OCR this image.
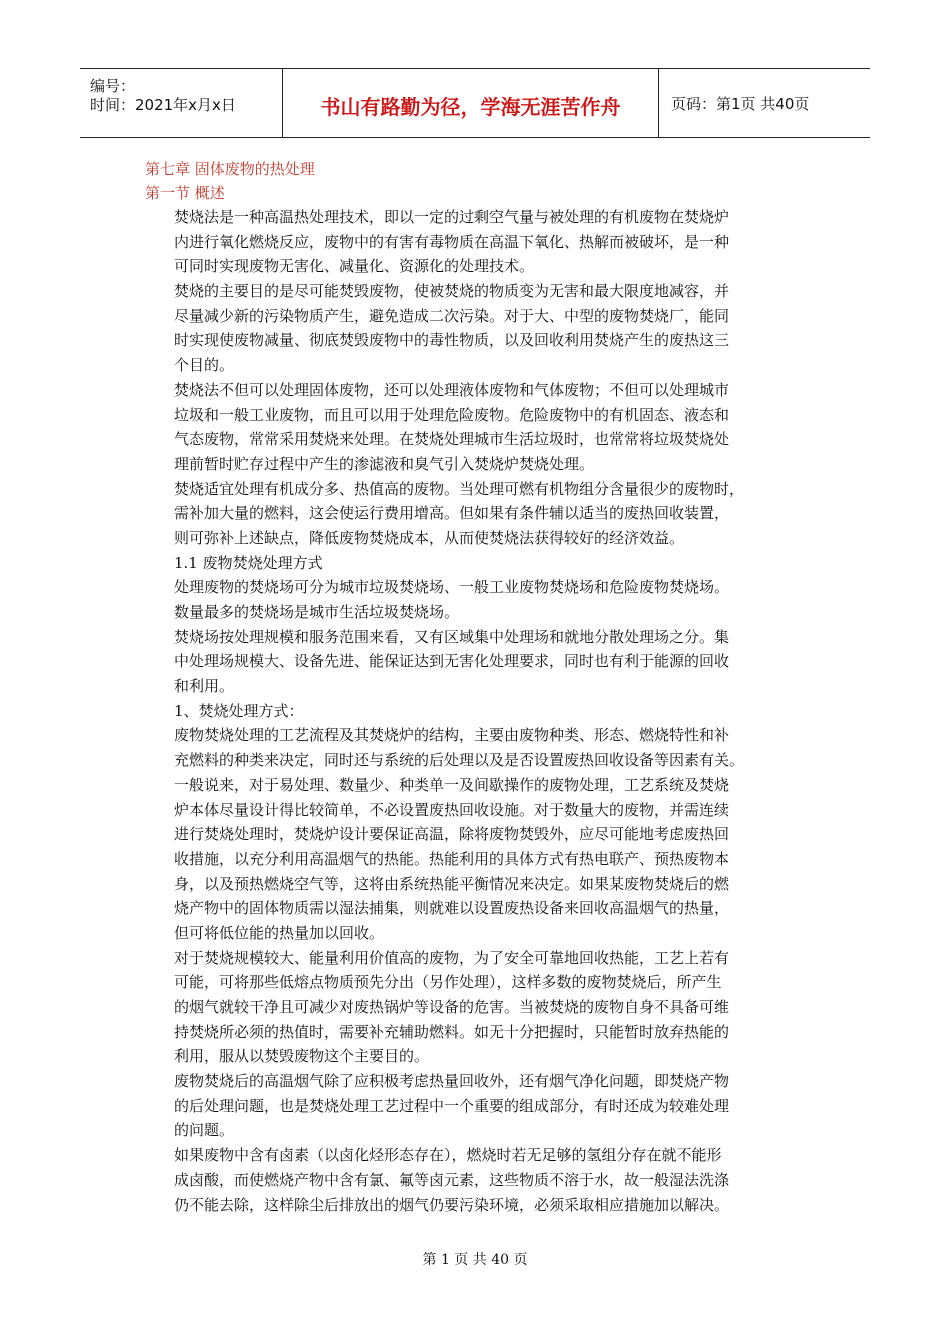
编号：
时间：2021年x月x日	书山有路勤为径，学海无涯苦作舟	页码：第1页 共40页
第七章 固体废物的热处理
第一节 概述
焚烧法是一种高温热处理技术，即以一定的过剩空气量与被处理的有机废物在焚烧炉
内进行氧化燃烧反应，废物中的有害有毒物质在高温下氧化、热解而被破坏，是一种
可同时实现废物无害化、减量化、资源化的处理技术。
焚烧的主要目的是尽可能焚毁废物，使被焚烧的物质变为无害和最大限度地减容，并
尽量减少新的污染物质产生，避免造成二次污染。对于大、中型的废物焚烧厂，能同
时实现使废物减量、彻底焚毁废物中的毒性物质，以及回收利用焚烧产生的废热这三
个目的。
焚烧法不但可以处理固体废物，还可以处理液体废物和气体废物；不但可以处理城市
垃圾和一般工业废物，而且可以用于处理危险废物。危险废物中的有机固态、液态和
气态废物，常常采用焚烧来处理。在焚烧处理城市生活垃圾时，也常常将垃圾焚烧处
理前暂时贮存过程中产生的渗滤液和臭气引入焚烧炉焚烧处理。
焚烧适宜处理有机成分多、热值高的废物。当处理可燃有机物组分含量很少的废物时，
需补加大量的燃料，这会使运行费用增高。但如果有条件辅以适当的废热回收装置，
则可弥补上述缺点，降低废物焚烧成本，从而使焚烧法获得较好的经济效益。
1.1 废物焚烧处理方式
处理废物的焚烧场可分为城市垃圾焚烧场、一般工业废物焚烧场和危险废物焚烧场。
数量最多的焚烧场是城市生活垃圾焚烧场。
焚烧场按处理规模和服务范围来看，又有区域集中处理场和就地分散处理场之分。集
中处理场规模大、设备先进、能保证达到无害化处理要求，同时也有利于能源的回收
和利用。
1、焚烧处理方式：
废物焚烧处理的工艺流程及其焚烧炉的结构，主要由废物种类、形态、燃烧特性和补
充燃料的种类来决定，同时还与系统的后处理以及是否设置废热回收设备等因素有关。
一般说来，对于易处理、数量少、种类单一及间歇操作的废物处理，工艺系统及焚烧
炉本体尽量设计得比较简单，不必设置废热回收设施。对于数量大的废物，并需连续
进行焚烧处理时，焚烧炉设计要保证高温，除将废物焚毁外，应尽可能地考虑废热回
收措施，以充分利用高温烟气的热能。热能利用的具体方式有热电联产、预热废物本
身，以及预热燃烧空气等，这将由系统热能平衡情况来决定。如果某废物焚烧后的燃
烧产物中的固体物质需以湿法捕集，则就难以设置废热设备来回收高温烟气的热量，
但可将低位能的热量加以回收。
对于焚烧规模较大、能量利用价值高的废物，为了安全可靠地回收热能，工艺上若有
可能，可将那些低熔点物质预先分出（另作处理），这样多数的废物焚烧后，所产生
的烟气就较干净且可减少对废热锅炉等设备的危害。当被焚烧的废物自身不具备可维
持焚烧所必须的热值时，需要补充辅助燃料。如无十分把握时，只能暂时放弃热能的
利用，服从以焚毁废物这个主要目的。
废物焚烧后的高温烟气除了应积极考虑热量回收外，还有烟气净化问题，即焚烧产物
的后处理问题，也是焚烧处理工艺过程中一个重要的组成部分，有时还成为较难处理
的问题。
如果废物中含有卤素（以卤化烃形态存在），燃烧时若无足够的氢组分存在就不能形
成卤酸，而使燃烧产物中含有氯、氟等卤元素，这些物质不溶于水，故一般湿法洗涤
仍不能去除，这样除尘后排放出的烟气仍要污染环境，必须采取相应措施加以解决。
第 1 页 共 40 页
